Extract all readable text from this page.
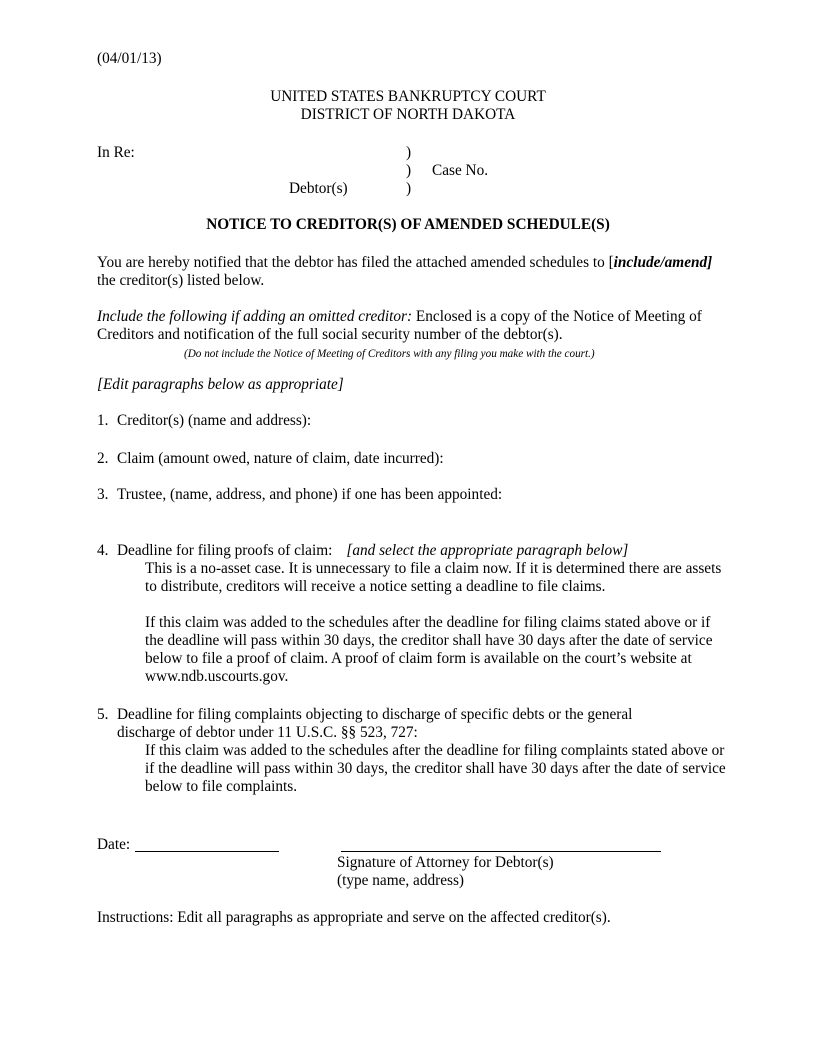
(04/01/13)

UNITED STATES BANKRUPTCY COURT

DISTRICT OF NORTH DAKOTA

In Re:	)

) Case No.

Debtor(s)	)

NOTICE TO CREDITOR(S) OF AMENDED SCHEDULE(S)

You are hereby notified that the debtor has filed the attached amended schedules to [include/amend]

the creditor(s) listed below.

Include the following if adding an omitted creditor: Enclosed is a copy of the Notice of Meeting of

Creditors and notification of the full social security number of the debtor(s).

(Do not include the Notice of Meeting of Creditors with any filing you make with the court.)

[Edit paragraphs below as appropriate]

1. Creditor(s) (name and address):

2. Claim (amount owed, nature of claim, date incurred):

3. Trustee, (name, address, and phone) if one has been appointed:

4. Deadline for filing proofs of claim: [and select the appropriate paragraph below]

This is a no-asset case. It is unnecessary to file a claim now. If it is determined there are assets

to distribute, creditors will receive a notice setting a deadline to file claims.

If this claim was added to the schedules after the deadline for filing claims stated above or if

the deadline will pass within 30 days, the creditor shall have 30 days after the date of service

below to file a proof of claim. A proof of claim form is available on the court’s website at

www.ndb.uscourts.gov.

5. Deadline for filing complaints objecting to discharge of specific debts or the general

discharge of debtor under 11 U.S.C. §§ 523, 727:

If this claim was added to the schedules after the deadline for filing complaints stated above or

if the deadline will pass within 30 days, the creditor shall have 30 days after the date of service

below to file complaints.

Date:

Signature of Attorney for Debtor(s)

(type name, address)

Instructions: Edit all paragraphs as appropriate and serve on the affected creditor(s).
